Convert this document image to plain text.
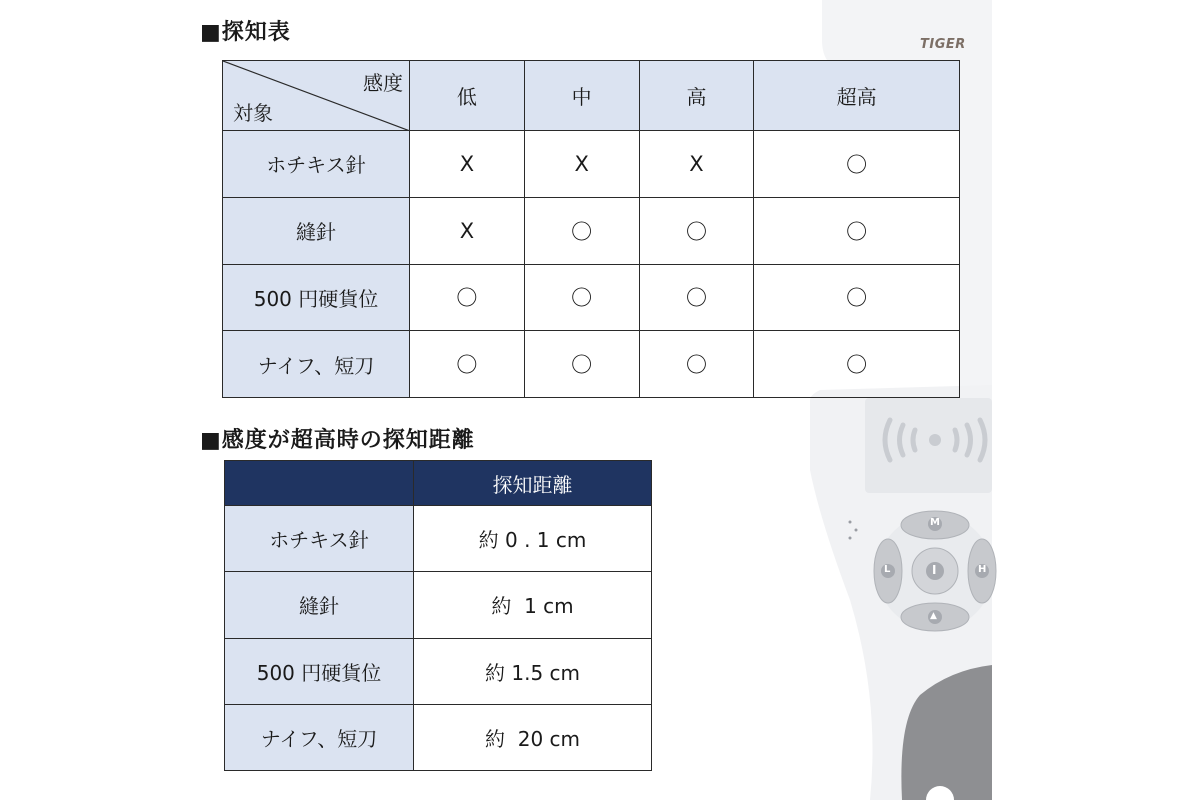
M
L	I	H
▲
TIGER
■探知表
感度
対象	低	中	高	超高
ホチキス針	X	X	X	〇
縫針	X	〇	〇	〇
500 円硬貨位	〇	〇	〇	〇
ナイフ、短刀	〇	〇	〇	〇
■感度が超高時の探知距離
	探知距離
ホチキス針	約 0 . 1 cm
縫針	約  1 cm
500 円硬貨位	約 1.5 cm
ナイフ、短刀	約  20 cm
